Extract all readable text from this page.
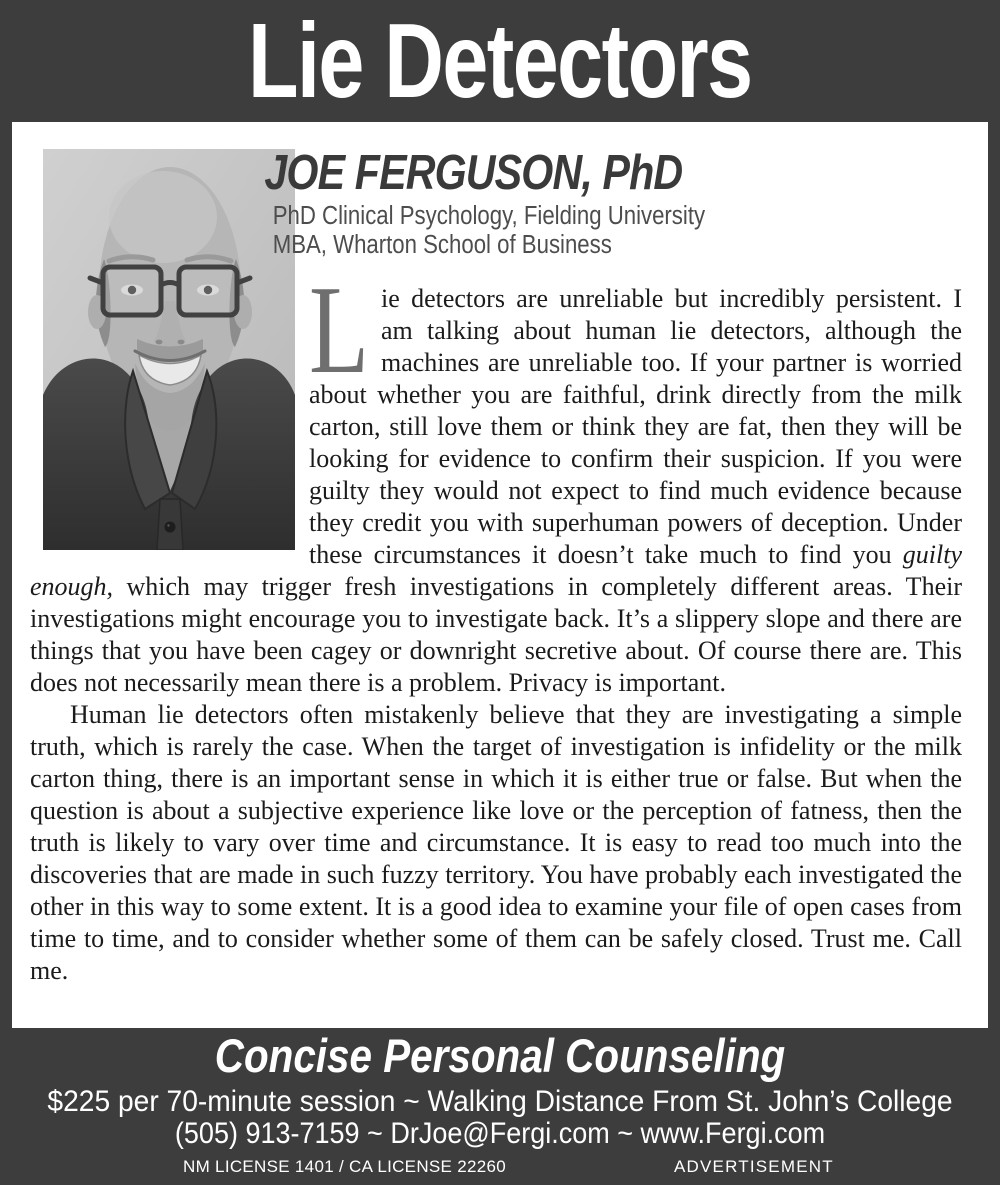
Lie Detectors
JOE FERGUSON, PhD

PhD Clinical Psychology, Fielding University
MBA, Wharton School of Business

Lie detectors are unreliable but incredibly persistent. I am talking about human lie detectors, although the machines are unreliable too. If your partner is worried about whether you are faithful, drink directly from the milk carton, still love them or think they are fat, then they will be looking for evidence to confirm their suspicion. If you were guilty they would not expect to find much evidence because they credit you with superhuman powers of deception. Under these circumstances it doesn’t take much to find you guilty enough, which may trigger fresh investigations in completely different areas. Their investigations might encourage you to investigate back. It’s a slippery slope and there are things that you have been cagey or downright secretive about. Of course there are. This does not necessarily mean there is a problem. Privacy is important.

Human lie detectors often mistakenly believe that they are investigating a simple truth, which is rarely the case. When the target of investigation is infidelity or the milk carton thing, there is an important sense in which it is either true or false. But when the question is about a subjective experience like love or the perception of fatness, then the truth is likely to vary over time and circumstance. It is easy to read too much into the discoveries that are made in such fuzzy territory. You have probably each investigated the other in this way to some extent. It is a good idea to examine your file of open cases from time to time, and to consider whether some of them can be safely closed. Trust me. Call me.

Concise Personal Counseling

$225 per 70-minute session ~ Walking Distance From St. John’s College

(505) 913-7159 ~ DrJoe@Fergi.com ~ www.Fergi.com

NM LICENSE 1401 / CA LICENSE 22260	ADVERTISEMENT
